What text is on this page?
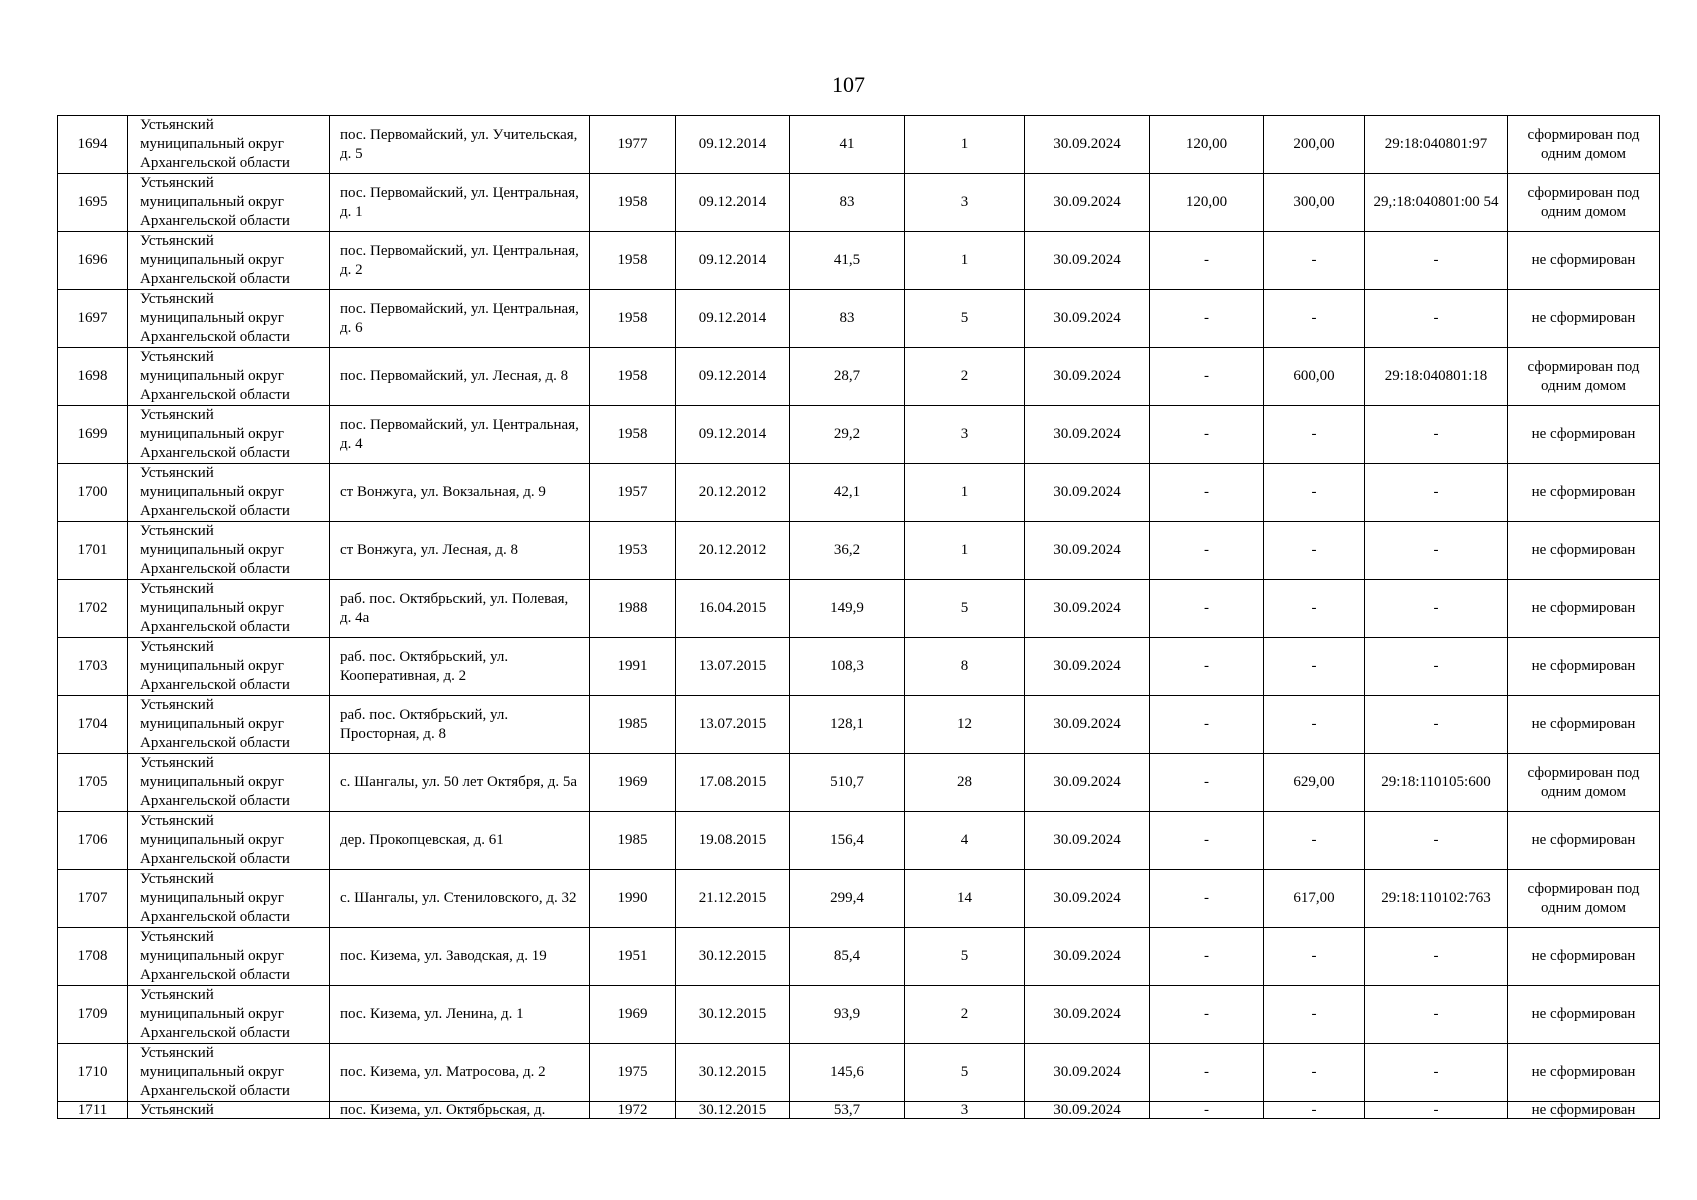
107
1694	Устьянский
муниципальный округ
Архангельской области	пос. Первомайский, ул. Учительская, д. 5	1977	09.12.2014	41	1	30.09.2024	120,00	200,00	29:18:040801:97	сформирован под одним домом
1695	Устьянский
муниципальный округ
Архангельской области	пос. Первомайский, ул. Центральная, д. 1	1958	09.12.2014	83	3	30.09.2024	120,00	300,00	29,:18:040801:00 54	сформирован под одним домом
1696	Устьянский
муниципальный округ
Архангельской области	пос. Первомайский, ул. Центральная, д. 2	1958	09.12.2014	41,5	1	30.09.2024	-	-	-	не сформирован
1697	Устьянский
муниципальный округ
Архангельской области	пос. Первомайский, ул. Центральная, д. 6	1958	09.12.2014	83	5	30.09.2024	-	-	-	не сформирован
1698	Устьянский
муниципальный округ
Архангельской области	пос. Первомайский, ул. Лесная, д. 8	1958	09.12.2014	28,7	2	30.09.2024	-	600,00	29:18:040801:18	сформирован под одним домом
1699	Устьянский
муниципальный округ
Архангельской области	пос. Первомайский, ул. Центральная, д. 4	1958	09.12.2014	29,2	3	30.09.2024	-	-	-	не сформирован
1700	Устьянский
муниципальный округ
Архангельской области	ст Вонжуга, ул. Вокзальная, д. 9	1957	20.12.2012	42,1	1	30.09.2024	-	-	-	не сформирован
1701	Устьянский
муниципальный округ
Архангельской области	ст Вонжуга, ул. Лесная, д. 8	1953	20.12.2012	36,2	1	30.09.2024	-	-	-	не сформирован
1702	Устьянский
муниципальный округ
Архангельской области	раб. пос. Октябрьский, ул. Полевая, д. 4а	1988	16.04.2015	149,9	5	30.09.2024	-	-	-	не сформирован
1703	Устьянский
муниципальный округ
Архангельской области	раб. пос. Октябрьский, ул. Кооперативная, д. 2	1991	13.07.2015	108,3	8	30.09.2024	-	-	-	не сформирован
1704	Устьянский
муниципальный округ
Архангельской области	раб. пос. Октябрьский, ул. Просторная, д. 8	1985	13.07.2015	128,1	12	30.09.2024	-	-	-	не сформирован
1705	Устьянский
муниципальный округ
Архангельской области	с. Шангалы, ул. 50 лет Октября, д. 5а	1969	17.08.2015	510,7	28	30.09.2024	-	629,00	29:18:110105:600	сформирован под одним домом
1706	Устьянский
муниципальный округ
Архангельской области	дер. Прокопцевская, д. 61	1985	19.08.2015	156,4	4	30.09.2024	-	-	-	не сформирован
1707	Устьянский
муниципальный округ
Архангельской области	с. Шангалы, ул. Стениловского, д. 32	1990	21.12.2015	299,4	14	30.09.2024	-	617,00	29:18:110102:763	сформирован под одним домом
1708	Устьянский
муниципальный округ
Архангельской области	пос. Кизема, ул. Заводская, д. 19	1951	30.12.2015	85,4	5	30.09.2024	-	-	-	не сформирован
1709	Устьянский
муниципальный округ
Архангельской области	пос. Кизема, ул. Ленина, д. 1	1969	30.12.2015	93,9	2	30.09.2024	-	-	-	не сформирован
1710	Устьянский
муниципальный округ
Архангельской области	пос. Кизема, ул. Матросова, д. 2	1975	30.12.2015	145,6	5	30.09.2024	-	-	-	не сформирован
1711	Устьянский	пос. Кизема, ул. Октябрьская, д.	1972	30.12.2015	53,7	3	30.09.2024	-	-	-	не сформирован
